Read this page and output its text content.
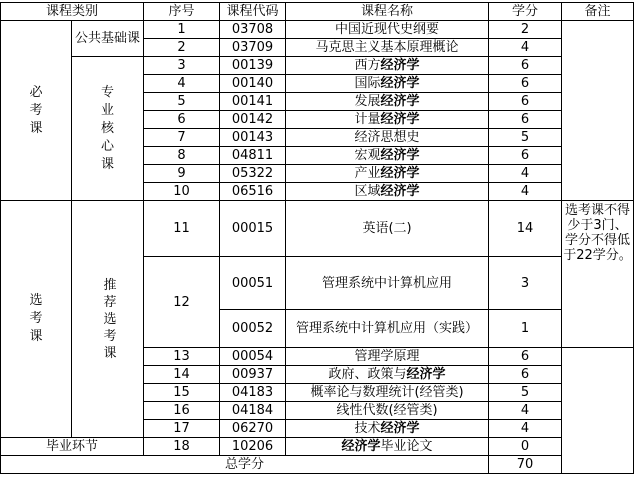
课程类别		序号	课程代码	课程名称	学分	备注
必考课	公共基础课	1	03708	中国近现代史纲要	2	
		2	03709	马克思主义基本原理概论	4	
	专业核心课	3	00139	西方经济学	6	
		4	00140	国际经济学	6	
		5	00141	发展经济学	6	
		6	00142	计量经济学	6	
		7	00143	经济思想史	5	
		8	04811	宏观经济学	6	
		9	05322	产业经济学	4	
		10	06516	区域经济学	4	
选考课	推荐选考课	11	00015	英语(二)	14	选考课不得少于3门、学分不得低于22学分。
		12	00051	管理系统中计算机应用	3	
			00052	管理系统中计算机应用（实践）	1	
		13	00054	管理学原理	6	
		14	00937	政府、政策与经济学	6	
		15	04183	概率论与数理统计(经管类)	5	
		16	04184	线性代数(经管类)	4	
		17	06270	技术经济学	4	
毕业环节		18	10206	经济学毕业论文	0	
总学分					70	
